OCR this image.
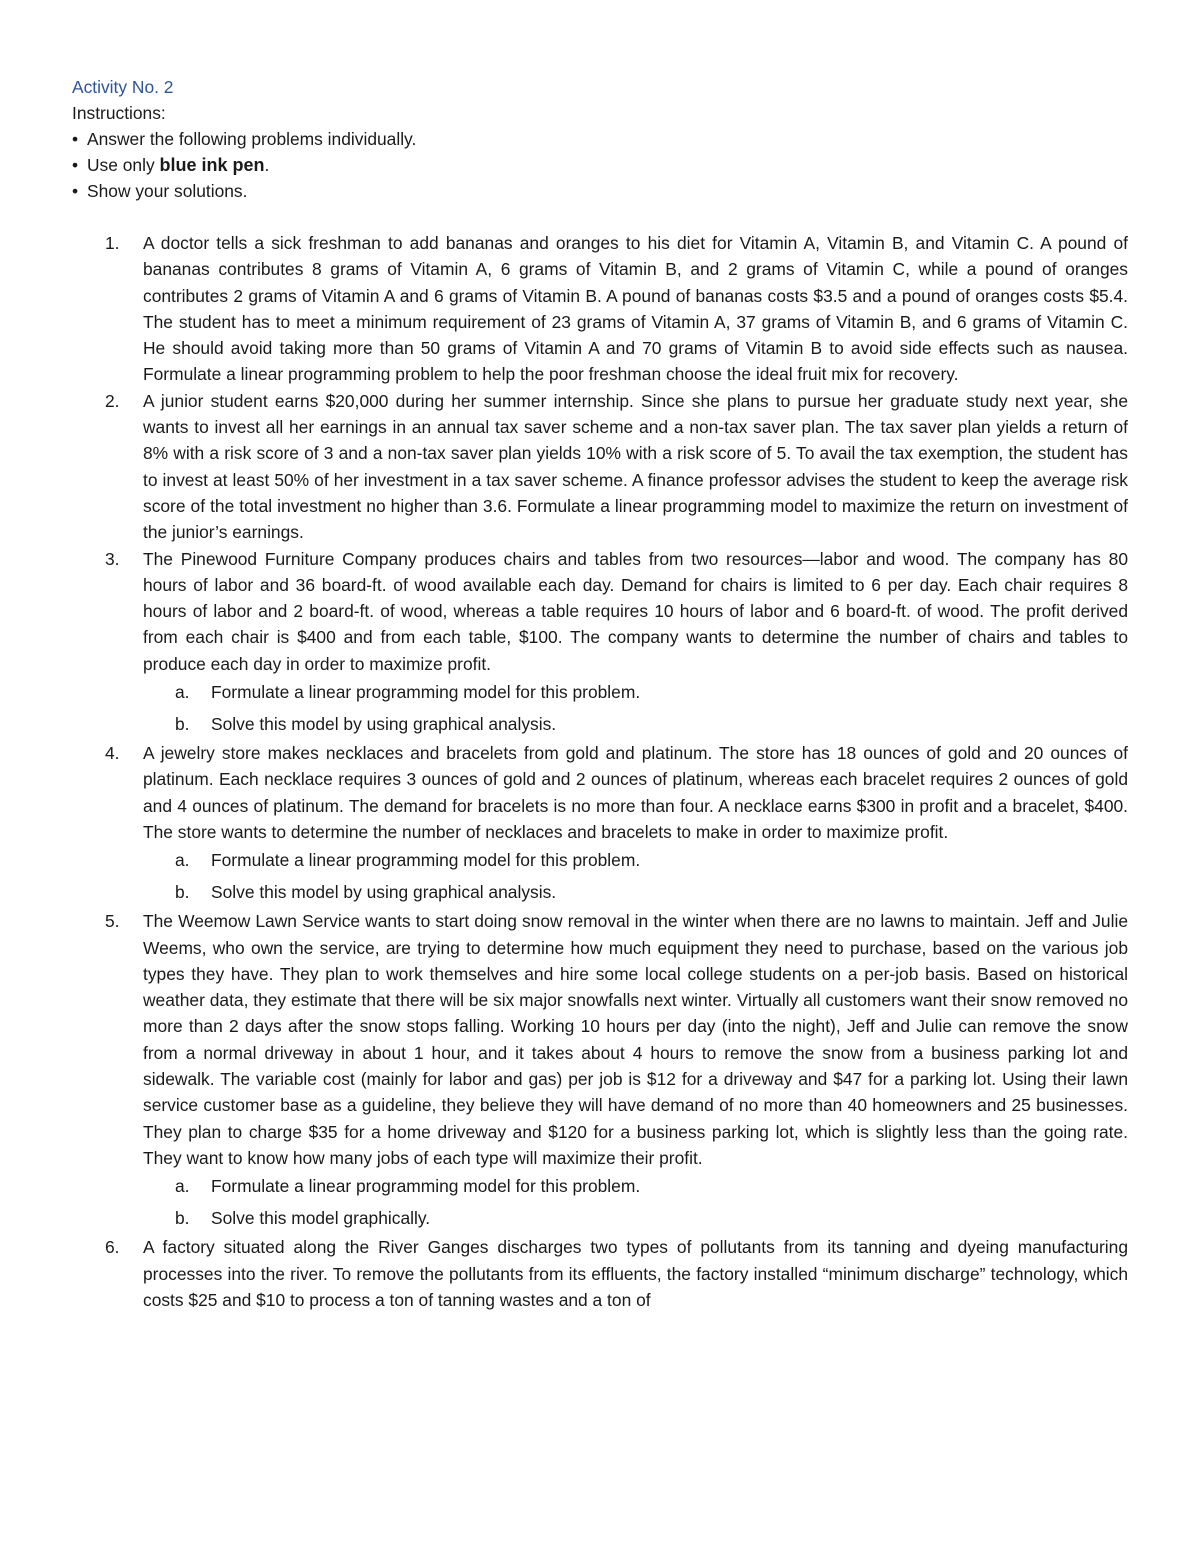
Activity No. 2
Instructions:
• Answer the following problems individually.
• Use only blue ink pen.
• Show your solutions.
1. A doctor tells a sick freshman to add bananas and oranges to his diet for Vitamin A, Vitamin B, and Vitamin C. A pound of bananas contributes 8 grams of Vitamin A, 6 grams of Vitamin B, and 2 grams of Vitamin C, while a pound of oranges contributes 2 grams of Vitamin A and 6 grams of Vitamin B. A pound of bananas costs $3.5 and a pound of oranges costs $5.4. The student has to meet a minimum requirement of 23 grams of Vitamin A, 37 grams of Vitamin B, and 6 grams of Vitamin C. He should avoid taking more than 50 grams of Vitamin A and 70 grams of Vitamin B to avoid side effects such as nausea. Formulate a linear programming problem to help the poor freshman choose the ideal fruit mix for recovery.

2. A junior student earns $20,000 during her summer internship. Since she plans to pursue her graduate study next year, she wants to invest all her earnings in an annual tax saver scheme and a non-tax saver plan. The tax saver plan yields a return of 8% with a risk score of 3 and a non-tax saver plan yields 10% with a risk score of 5. To avail the tax exemption, the student has to invest at least 50% of her investment in a tax saver scheme. A finance professor advises the student to keep the average risk score of the total investment no higher than 3.6. Formulate a linear programming model to maximize the return on investment of the junior’s earnings.

3. The Pinewood Furniture Company produces chairs and tables from two resources—labor and wood. The company has 80 hours of labor and 36 board-ft. of wood available each day. Demand for chairs is limited to 6 per day. Each chair requires 8 hours of labor and 2 board-ft. of wood, whereas a table requires 10 hours of labor and 6 board-ft. of wood. The profit derived from each chair is $400 and from each table, $100. The company wants to determine the number of chairs and tables to produce each day in order to maximize profit.

a. Formulate a linear programming model for this problem.
b. Solve this model by using graphical analysis.
4. A jewelry store makes necklaces and bracelets from gold and platinum. The store has 18 ounces of gold and 20 ounces of platinum. Each necklace requires 3 ounces of gold and 2 ounces of platinum, whereas each bracelet requires 2 ounces of gold and 4 ounces of platinum. The demand for bracelets is no more than four. A necklace earns $300 in profit and a bracelet, $400. The store wants to determine the number of necklaces and bracelets to make in order to maximize profit.

a. Formulate a linear programming model for this problem.
b. Solve this model by using graphical analysis.
5. The Weemow Lawn Service wants to start doing snow removal in the winter when there are no lawns to maintain. Jeff and Julie Weems, who own the service, are trying to determine how much equipment they need to purchase, based on the various job types they have. They plan to work themselves and hire some local college students on a per-job basis. Based on historical weather data, they estimate that there will be six major snowfalls next winter. Virtually all customers want their snow removed no more than 2 days after the snow stops falling. Working 10 hours per day (into the night), Jeff and Julie can remove the snow from a normal driveway in about 1 hour, and it takes about 4 hours to remove the snow from a business parking lot and sidewalk. The variable cost (mainly for labor and gas) per job is $12 for a driveway and $47 for a parking lot. Using their lawn service customer base as a guideline, they believe they will have demand of no more than 40 homeowners and 25 businesses. They plan to charge $35 for a home driveway and $120 for a business parking lot, which is slightly less than the going rate. They want to know how many jobs of each type will maximize their profit.

a. Formulate a linear programming model for this problem.
b. Solve this model graphically.
6. A factory situated along the River Ganges discharges two types of pollutants from its tanning and dyeing manufacturing processes into the river. To remove the pollutants from its effluents, the factory installed “minimum discharge” technology, which costs $25 and $10 to process a ton of tanning wastes and a ton of
